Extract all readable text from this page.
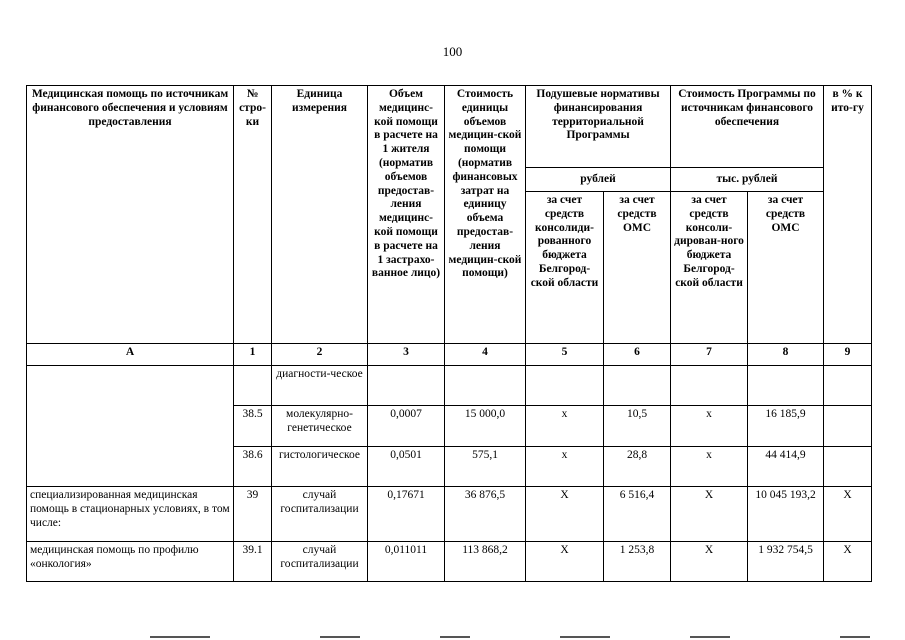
100
Медицинская помощь по источникам финансового обеспечения и условиям предоставления	№ стро-ки	Единица измерения	Объем медицинс-кой помощи в расчете на 1 жителя (норматив объемов предостав-ления медицинс-кой помощи в расчете на 1 застрахо-ванное лицо)	Стоимость единицы объемов медицин-ской помощи (норматив финансовых затрат на единицу объема предостав-ления медицин-ской помощи)	Подушевые нормативы финансирования территориальной Программы		Стоимость Программы по источникам финансового обеспечения		в % к ито-гу
					рублей		тыс. рублей		
					за счет средств консолиди-рованного бюджета Белгород-ской области	за счет средств ОМС	за счет средств консоли-дирован-ного бюджета Белгород-ской области	за счет средств ОМС	
А	1	2	3	4	5	6	7	8	9
		диагности-ческое							
	38.5	молекулярно-генетическое	0,0007	15 000,0	х	10,5	х	16 185,9	
	38.6	гистологическое	0,0501	575,1	х	28,8	х	44 414,9	
специализированная медицинская помощь в стационарных условиях, в том числе:	39	случай госпитализации	0,17671	36 876,5	X	6 516,4	X	10 045 193,2	X
медицинская помощь по профилю «онкология»	39.1	случай госпитализации	0,011011	113 868,2	X	1 253,8	X	1 932 754,5	X
